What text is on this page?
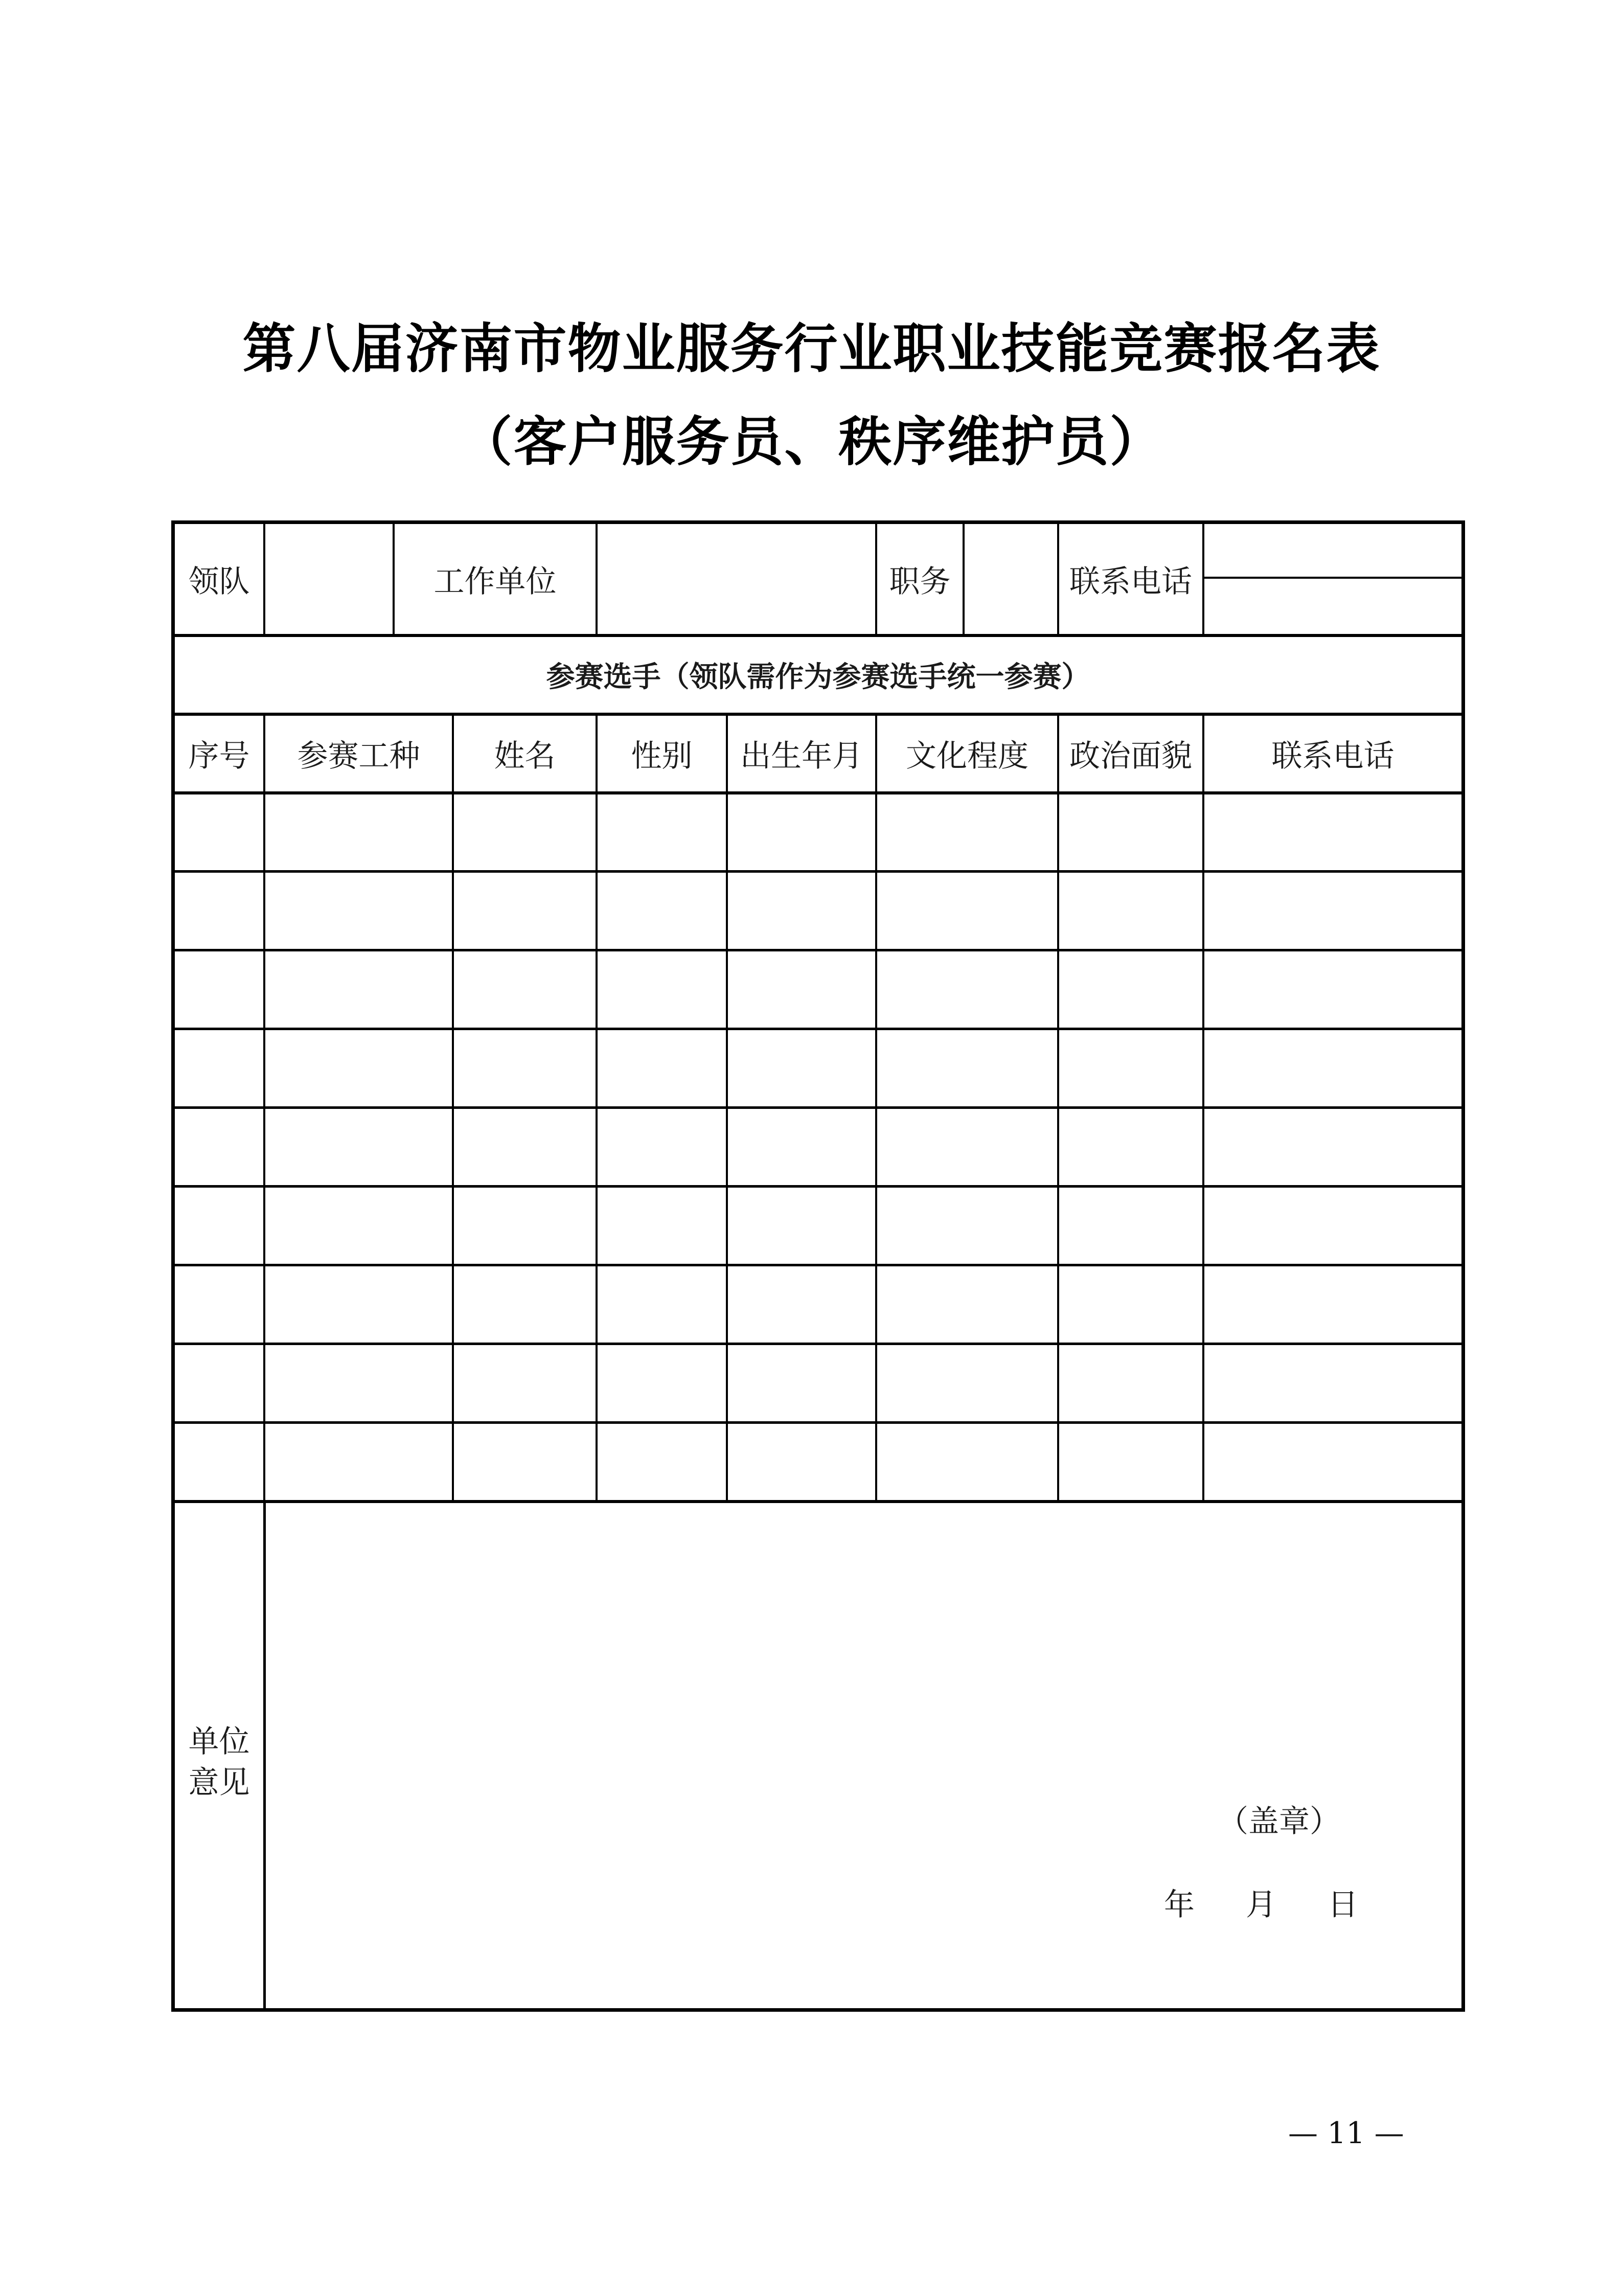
第八届济南市物业服务行业职业技能竞赛报名表
（客户服务员、秩序维护员）
领队	工作单位	职务	联系电话
参赛选手（领队需作为参赛选手统一参赛）
序号	参赛工种	姓名	性别	出生年月	文化程度	政治面貌	联系电话
单位
意见
（盖章）
年 月 日
— 11 —
